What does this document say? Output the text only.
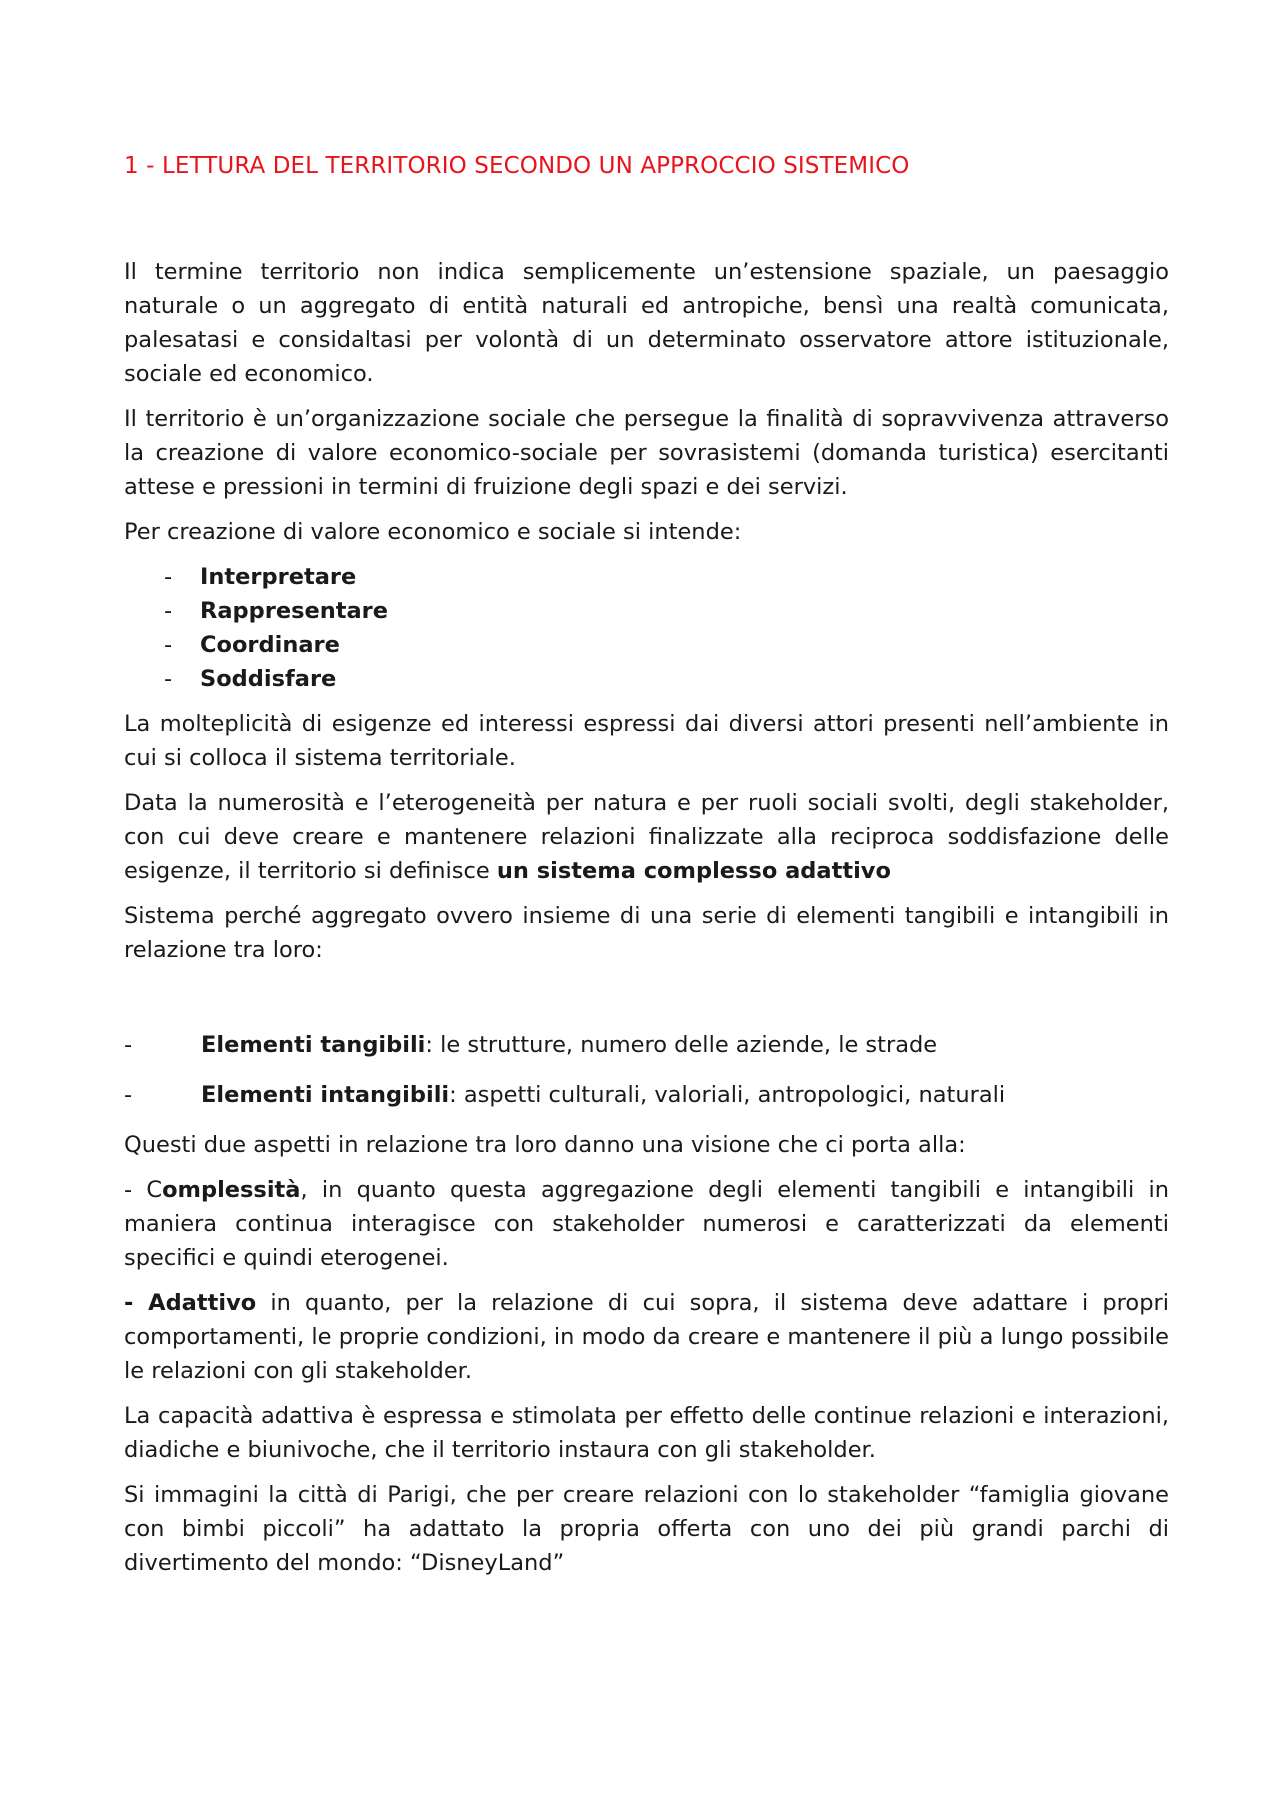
1 - LETTURA DEL TERRITORIO SECONDO UN APPROCCIO SISTEMICO

Il termine territorio non indica semplicemente un’estensione spaziale, un paesaggio naturale o un aggregato di entità naturali ed antropiche, bensì una realtà comunicata, palesatasi e considaltasi per volontà di un determinato osservatore attore istituzionale, sociale ed economico.

Il territorio è un’organizzazione sociale che persegue la finalità di sopravvivenza attraverso la creazione di valore economico-sociale per sovrasistemi (domanda turistica) esercitanti attese e pressioni in termini di fruizione degli spazi e dei servizi.

Per creazione di valore economico e sociale si intende:

-	Interpretare
-	Rappresentare
-	Coordinare
-	Soddisfare

La molteplicità di esigenze ed interessi espressi dai diversi attori presenti nell’ambiente in cui si colloca il sistema territoriale.

Data la numerosità e l’eterogeneità per natura e per ruoli sociali svolti, degli stakeholder, con cui deve creare e mantenere relazioni finalizzate alla reciproca soddisfazione delle esigenze, il territorio si definisce un sistema complesso adattivo

Sistema perché aggregato ovvero insieme di una serie di elementi tangibili e intangibili in relazione tra loro:

-	Elementi tangibili: le strutture, numero delle aziende, le strade
-	Elementi intangibili: aspetti culturali, valoriali, antropologici, naturali

Questi due aspetti in relazione tra loro danno una visione che ci porta alla:

- Complessità, in quanto questa aggregazione degli elementi tangibili e intangibili in maniera continua interagisce con stakeholder numerosi e caratterizzati da elementi specifici e quindi eterogenei.

- Adattivo in quanto, per la relazione di cui sopra, il sistema deve adattare i propri comportamenti, le proprie condizioni, in modo da creare e mantenere il più a lungo possibile le relazioni con gli stakeholder.

La capacità adattiva è espressa e stimolata per effetto delle continue relazioni e interazioni, diadiche e biunivoche, che il territorio instaura con gli stakeholder.

Si immagini la città di Parigi, che per creare relazioni con lo stakeholder “famiglia giovane con bimbi piccoli” ha adattato la propria offerta con uno dei più grandi parchi di divertimento del mondo: “DisneyLand”
